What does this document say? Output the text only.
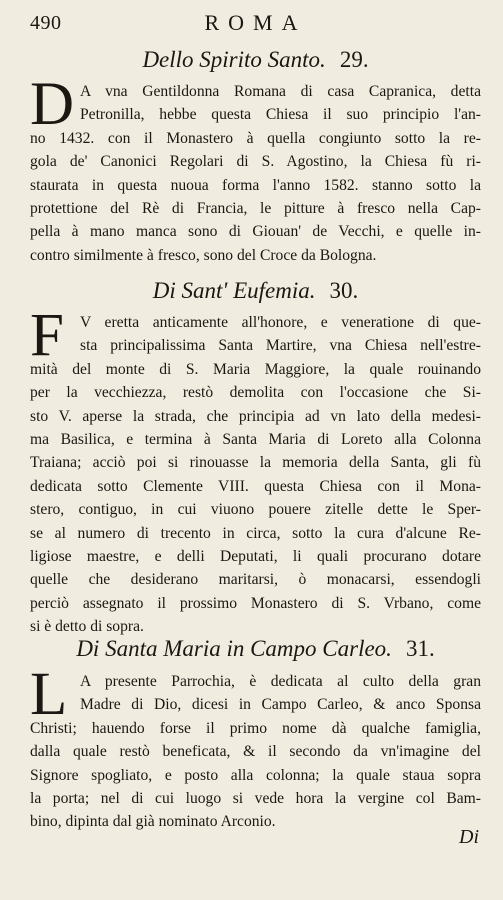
490	ROMA
Dello Spirito Santo. 29.
D A vna Gentildonna Romana di casa Capranica, detta
Petronilla, hebbe questa Chiesa il suo principio l'an-
no 1432. con il Monastero à quella congiunto sotto la re-
gola de' Canonici Regolari di S. Agostino, la Chiesa fù ri-
staurata in questa nuoua forma l'anno 1582. stanno sotto la
protettione del Rè di Francia, le pitture à fresco nella Cap-
pella à mano manca sono di Giouan' de Vecchi, e quelle in-
contro similmente à fresco, sono del Croce da Bologna.
Di Sant' Eufemia. 30.
F	V eretta anticamente all'honore, e veneratione di que-
sta principalissima Santa Martire, vna Chiesa nell'estre-
mità del monte di S. Maria Maggiore, la quale rouinando
per la vecchiezza, restò demolita con l'occasione che Si-
sto V. aperse la strada, che principia ad vn lato della medesi-
ma Basilica, e termina à Santa Maria di Loreto alla Colonna
Traiana; acciò poi si rinouasse la memoria della Santa, gli fù
dedicata sotto Clemente VIII. questa Chiesa con il Mona-
stero, contiguo, in cui viuono pouere zitelle dette le Sper-
se al numero di trecento in circa, sotto la cura d'alcune Re-
ligiose maestre, e delli Deputati, li quali procurano dotare
quelle che desiderano maritarsi, ò monacarsi, essendogli
perciò assegnato il prossimo Monastero di S. Vrbano, come
si è detto di sopra.
Di Santa Maria in Campo Carleo. 31.
L A presente Parrochia, è dedicata al culto della gran
Madre di Dio, dicesi in Campo Carleo, & anco Sponsa
Christi; hauendo forse il primo nome dà qualche famiglia,
dalla quale restò beneficata, & il secondo da vn'imagine del
Signore spogliato, e posto alla colonna; la quale staua sopra
la porta; nel di cui luogo si vede hora la vergine col Bam-
bino, dipinta dal già nominato Arconio.
Di
